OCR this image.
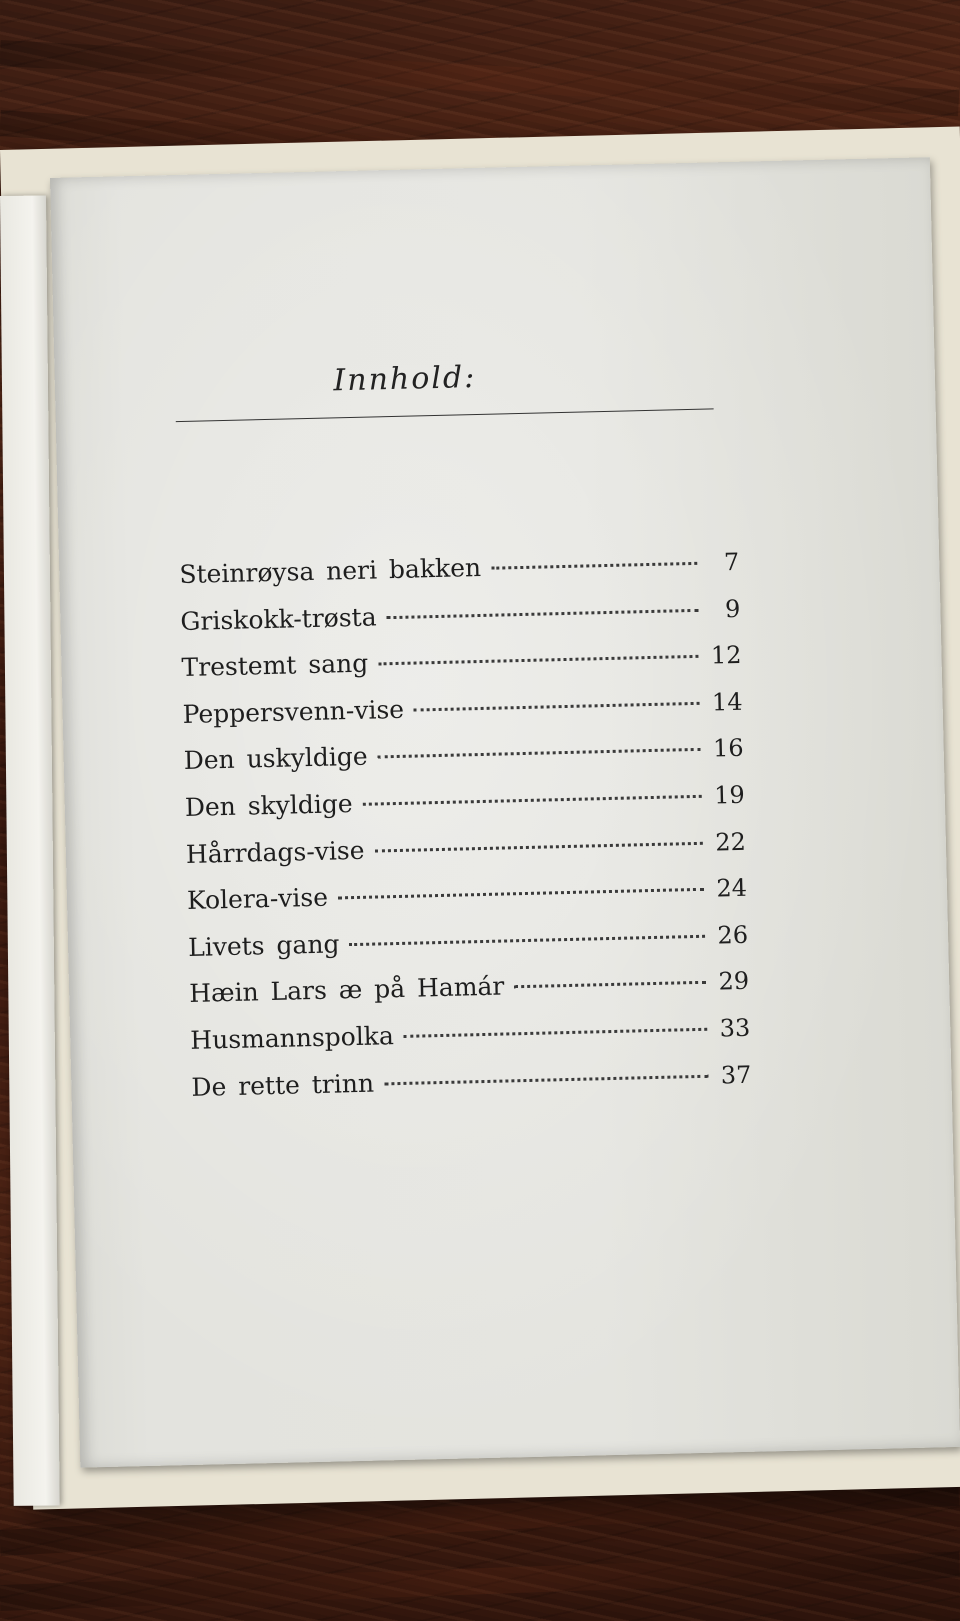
Innhold:
Steinrøysa neri bakken	7
Griskokk-trøsta	9
Trestemt sang	12
Peppersvenn-vise	14
Den uskyldige	16
Den skyldige	19
Hårrdags-vise	22
Kolera-vise	24
Livets gang	26
Hæin Lars æ på Hamár	29
Husmannspolka	33
De rette trinn	37
